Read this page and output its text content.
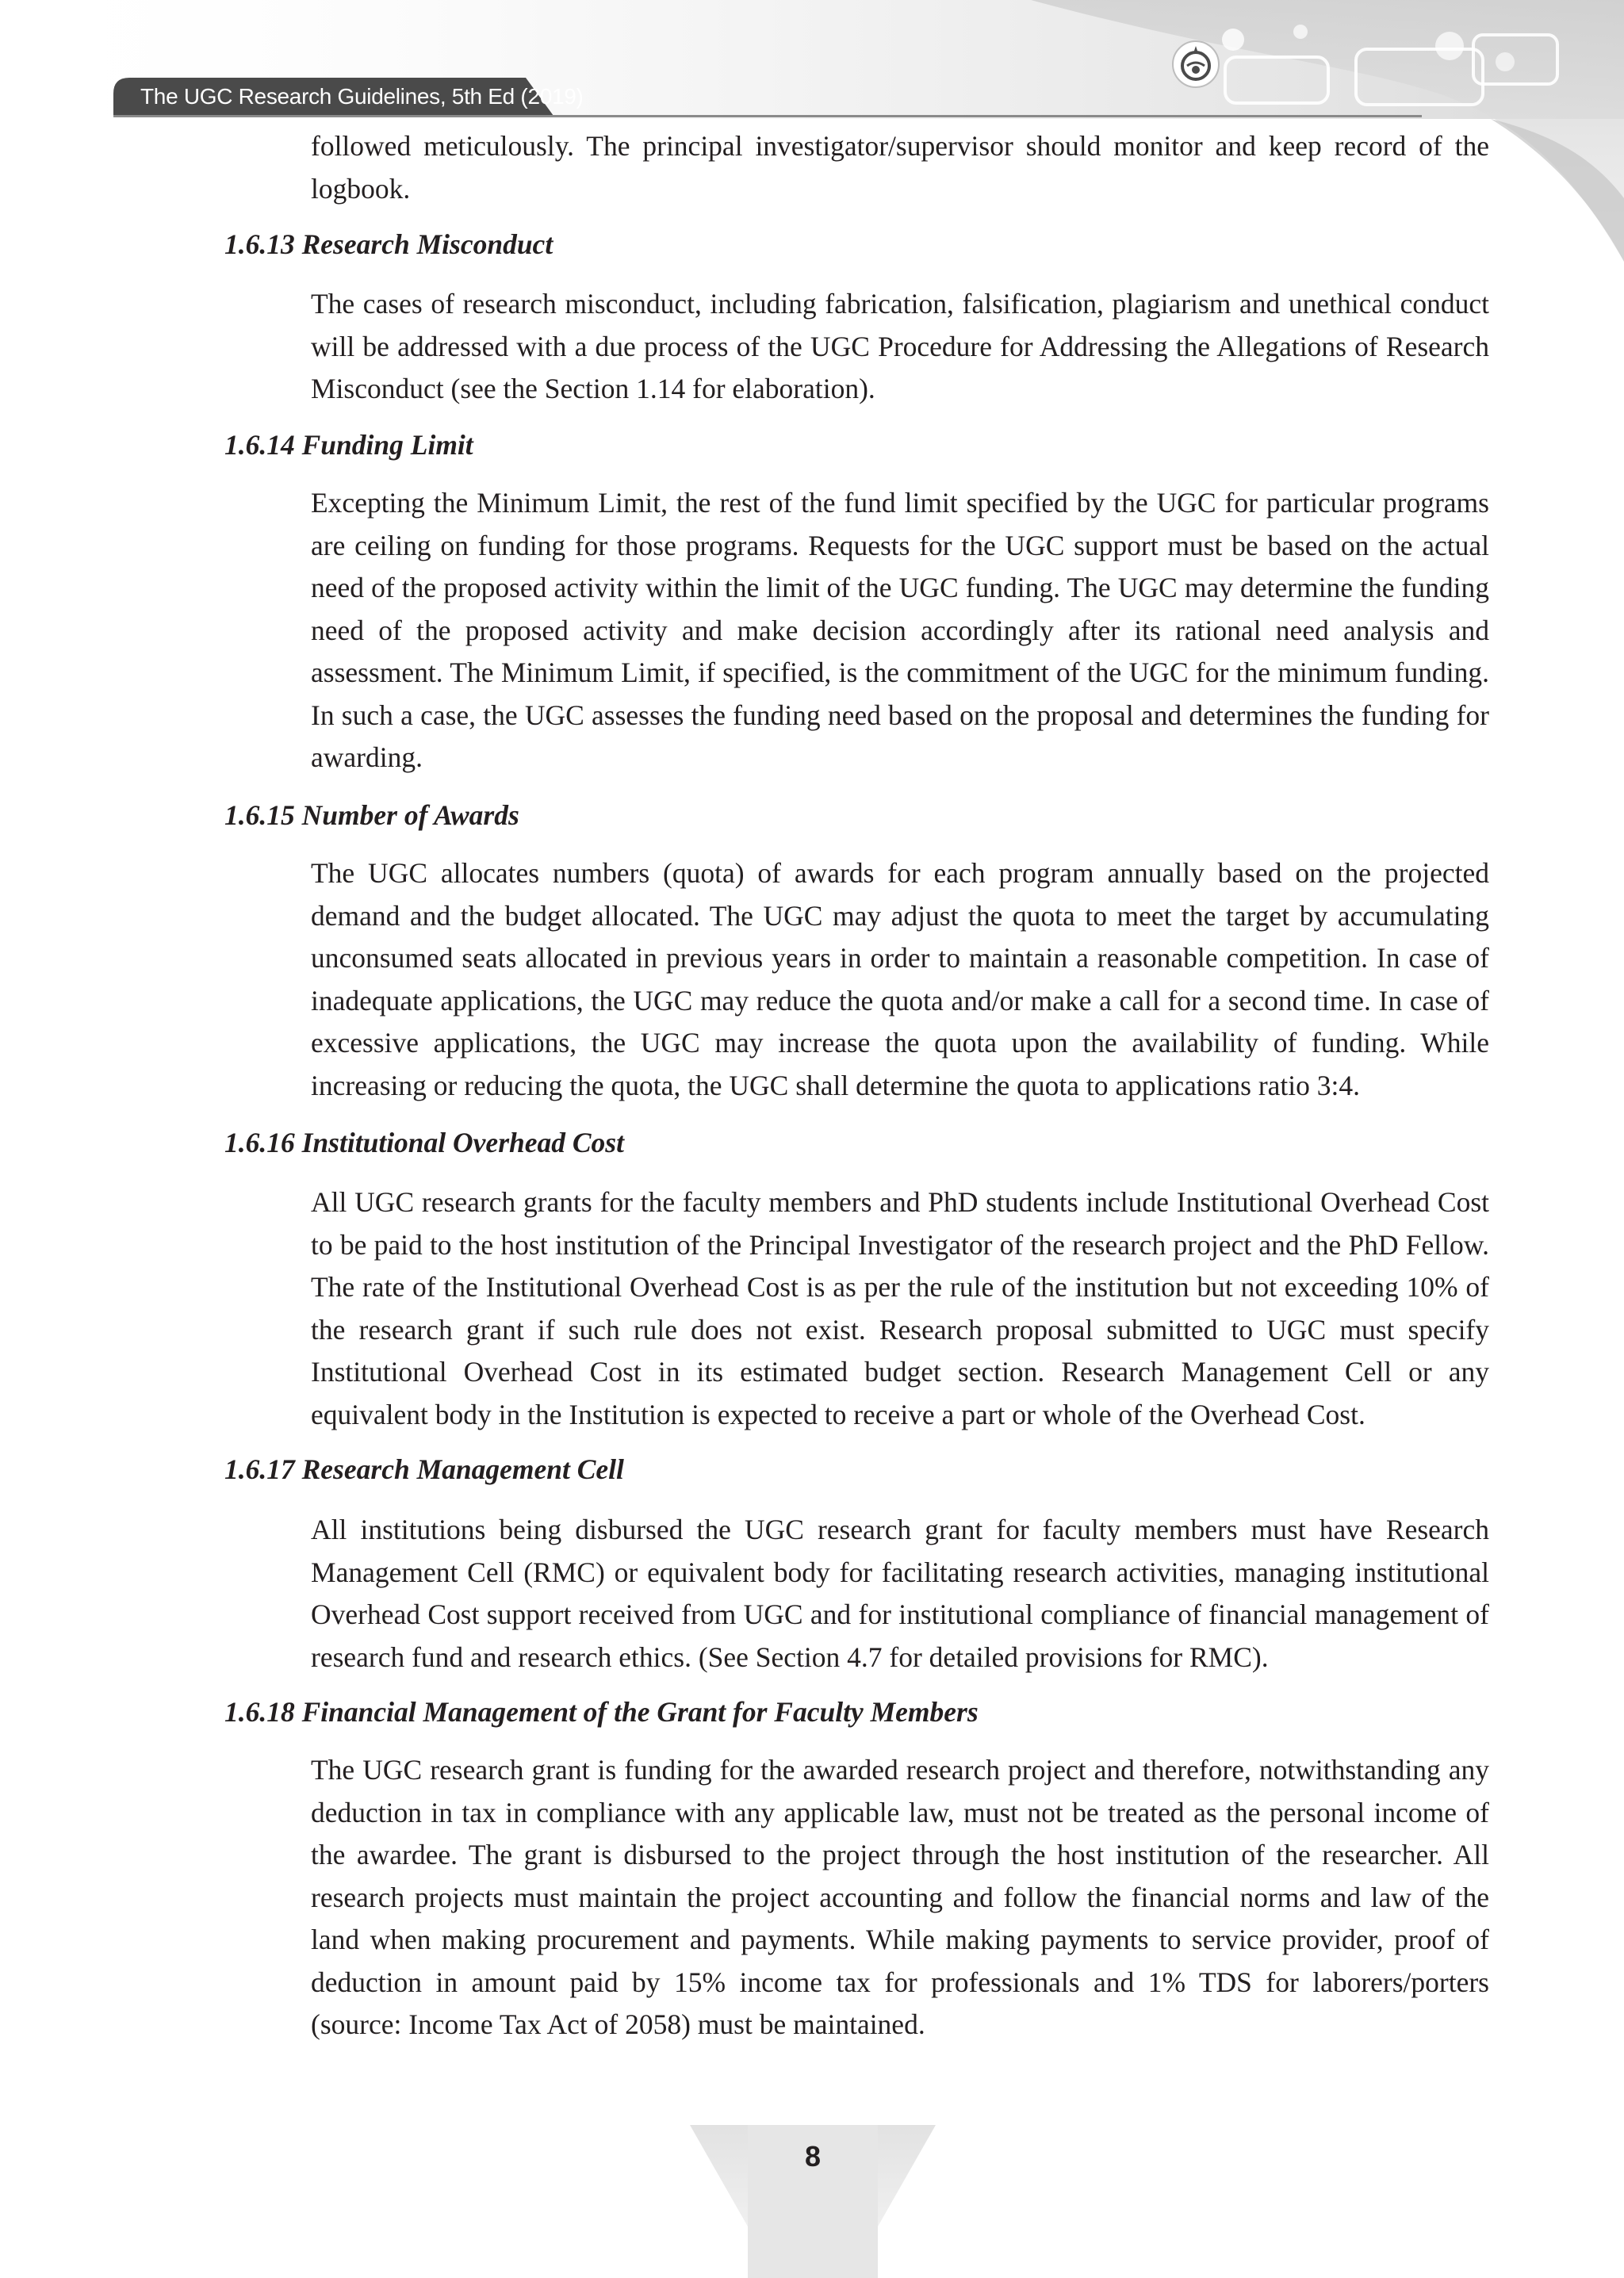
The UGC Research Guidelines, 5th Ed (2019)

followed meticulously. The principal investigator/supervisor should monitor and keep record of the logbook.

1.6.13 Research Misconduct

The cases of research misconduct, including fabrication, falsification, plagiarism and unethical conduct will be addressed with a due process of the UGC Procedure for Addressing the Allegations of Research Misconduct (see the Section 1.14 for elaboration).

1.6.14 Funding Limit

Excepting the Minimum Limit, the rest of the fund limit specified by the UGC for particular programs are ceiling on funding for those programs. Requests for the UGC support must be based on the actual need of the proposed activity within the limit of the UGC funding. The UGC may determine the funding need of the proposed activity and make decision accordingly after its rational need analysis and assessment. The Minimum Limit, if specified, is the commitment of the UGC for the minimum funding. In such a case, the UGC assesses the funding need based on the proposal and determines the funding for awarding.

1.6.15 Number of Awards

The UGC allocates numbers (quota) of awards for each program annually based on the projected demand and the budget allocated. The UGC may adjust the quota to meet the target by accumulating unconsumed seats allocated in previous years in order to maintain a reasonable competition. In case of inadequate applications, the UGC may reduce the quota and/or make a call for a second time. In case of excessive applications, the UGC may increase the quota upon the availability of funding. While increasing or reducing the quota, the UGC shall determine the quota to applications ratio 3:4.

1.6.16 Institutional Overhead Cost

All UGC research grants for the faculty members and PhD students include Institutional Overhead Cost to be paid to the host institution of the Principal Investigator of the research project and the PhD Fellow. The rate of the Institutional Overhead Cost is as per the rule of the institution but not exceeding 10% of the research grant if such rule does not exist. Research proposal submitted to UGC must specify Institutional Overhead Cost in its estimated budget section. Research Management Cell or any equivalent body in the Institution is expected to receive a part or whole of the Overhead Cost.

1.6.17 Research Management Cell

All institutions being disbursed the UGC research grant for faculty members must have Research Management Cell (RMC) or equivalent body for facilitating research activities, managing institutional Overhead Cost support received from UGC and for institutional compliance of financial management of research fund and research ethics. (See Section 4.7 for detailed provisions for RMC).

1.6.18 Financial Management of the Grant for Faculty Members

The UGC research grant is funding for the awarded research project and therefore, notwithstanding any deduction in tax in compliance with any applicable law, must not be treated as the personal income of the awardee. The grant is disbursed to the project through the host institution of the researcher. All research projects must maintain the project accounting and follow the financial norms and law of the land when making procurement and payments. While making payments to service provider, proof of deduction in amount paid by 15% income tax for professionals and 1% TDS for laborers/porters (source: Income Tax Act of 2058) must be maintained.

8
